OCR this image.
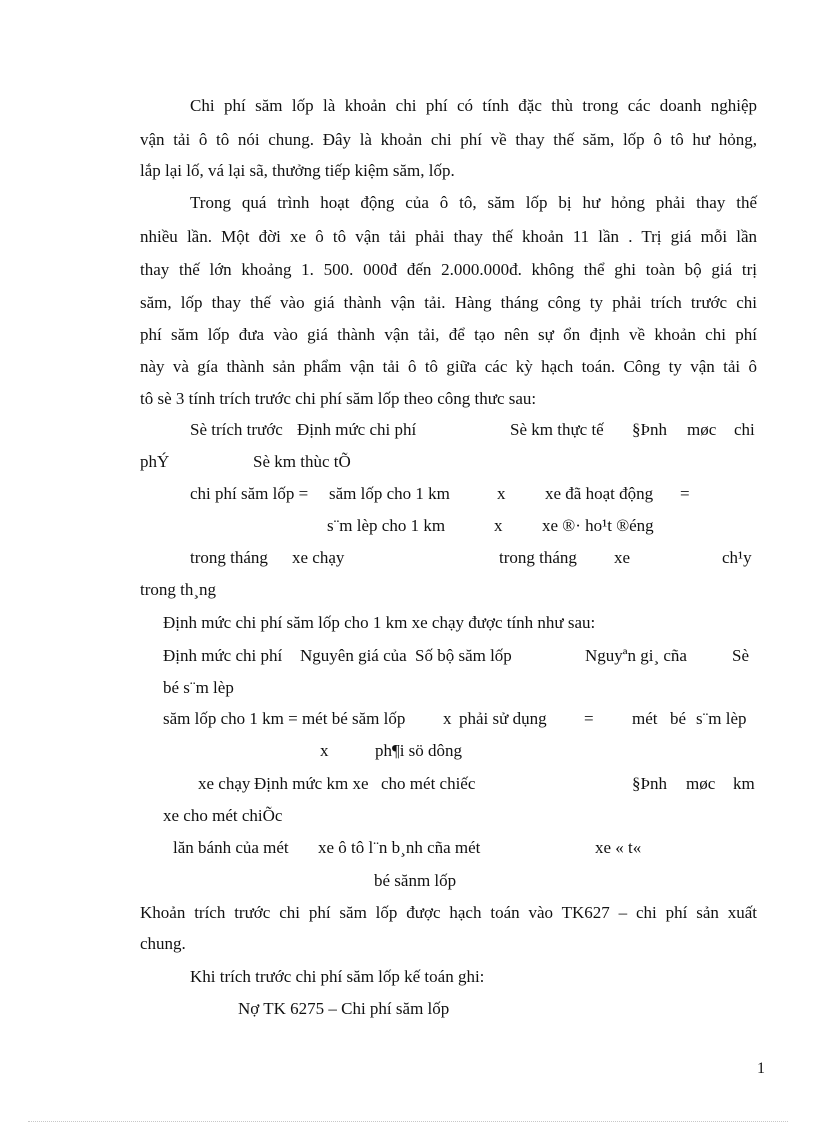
Chi phí săm lốp là khoản chi phí có tính đặc thù trong các doanh nghiệp
vận tải ô tô nói chung. Đây là khoản chi phí về thay thế săm, lốp ô tô hư hỏng,
lắp lại lố, vá lại sã, thưởng tiếp kiệm săm, lốp.
Trong quá trình hoạt động của ô tô, săm lốp bị hư hỏng phải thay thế
nhiều lần. Một đời xe ô tô vận tải phải thay thế khoản 11 lần . Trị giá mỗi lần
thay thế lớn khoảng 1. 500. 000đ đến 2.000.000đ. không thể ghi toàn bộ giá trị
săm, lốp thay thế vào giá thành vận tải. Hàng tháng công ty phải trích trước chi
phí săm lốp đưa vào giá thành vận tải, để tạo nên sự ổn định về khoản chi phí
này và gía thành sản phẩm vận tải ô tô giữa các kỳ hạch toán. Công ty vận tải ô
tô sè 3 tính trích trước chi phí săm lốp theo công thưc sau:
Sè trích trước Định mức chi phí	Sè km thực tế §Þnh møc chi
phÝ	Sè km thùc tÕ
chi phí săm lốp = săm lốp cho 1 km	x xe đã hoạt động =
s¨m lèp cho 1 km	x xe ®· ho¹t ®éng
trong tháng xe chạy	trong tháng xe	ch¹y
trong th¸ng
Định mức chi phí săm lốp cho 1 km xe chạy được tính như sau:
Định mức chi phí Nguyên giá của Số bộ săm lốp	Nguyªn gi¸ cña	Sè
bé s¨m lèp
săm lốp cho 1 km = mét bé săm lốp x phải sử dụng = mét bé s¨m lèp
x	ph¶i sö dông
xe chạy Định mức km xe cho mét chiếc	§Þnh møc km
xe cho mét chiÕc
lăn bánh của mét xe ô tô l¨n b¸nh cña mét	xe « t«
bé sănm lốp
Khoản trích trước chi phí săm lốp được hạch toán vào TK627 – chi phí sản xuất
chung.
Khi trích trước chi phí săm lốp kế toán ghi:
Nợ TK 6275 – Chi phí săm lốp
1
